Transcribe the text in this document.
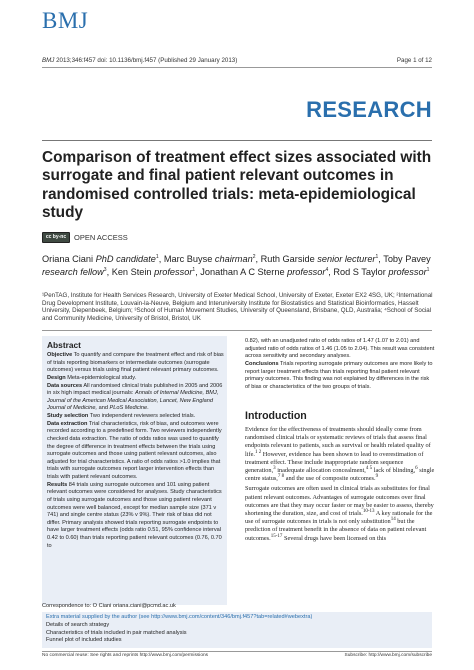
BMJ
BMJ 2013;346:f457 doi: 10.1136/bmj.f457 (Published 29 January 2013)	Page 1 of 12
RESEARCH
Comparison of treatment effect sizes associated with surrogate and final patient relevant outcomes in randomised controlled trials: meta-epidemiological study
cc by-nc	OPEN ACCESS
Oriana Ciani PhD candidate$^1$, Marc Buyse chairman$^2$, Ruth Garside senior lecturer$^1$, Toby Pavey research fellow$^3$, Ken Stein professor$^1$, Jonathan A C Sterne professor$^4$, Rod S Taylor professor$^1$
¹PenTAG, Institute for Health Services Research, University of Exeter Medical School, University of Exeter, Exeter EX2 4SG, UK; ²International Drug Development Institute, Louvain-la-Neuve, Belgium and Interuniversity Institute for Biostatistics and Statistical Bioinformatics, Hasselt University, Diepenbeek, Belgium; ³School of Human Movement Studies, University of Queensland, Brisbane, QLD, Australia; ⁴School of Social and Community Medicine, University of Bristol, Bristol, UK
Abstract
Objective To quantify and compare the treatment effect and risk of bias of trials reporting biomarkers or intermediate outcomes (surrogate outcomes) versus trials using final patient relevant primary outcomes.
Design Meta-epidemiological study.
Data sources All randomised clinical trials published in 2005 and 2006 in six high impact medical journals: Annals of Internal Medicine, BMJ, Journal of the American Medical Association, Lancet, New England Journal of Medicine, and PLoS Medicine.
Study selection Two independent reviewers selected trials.
Data extraction Trial characteristics, risk of bias, and outcomes were recorded according to a predefined form. Two reviewers independently checked data extraction. The ratio of odds ratios was used to quantify the degree of difference in treatment effects between the trials using surrogate outcomes and those using patient relevant outcomes, also adjusted for trial characteristics. A ratio of odds ratios >1.0 implies that trials with surrogate outcomes report larger intervention effects than trials with patient relevant outcomes.
Results 84 trials using surrogate outcomes and 101 using patient relevant outcomes were considered for analyses. Study characteristics of trials using surrogate outcomes and those using patient relevant outcomes were well balanced, except for median sample size (371 v 741) and single centre status (23% v 9%). Their risk of bias did not differ. Primary analysis showed trials reporting surrogate endpoints to have larger treatment effects (odds ratio 0.51, 95% confidence interval 0.42 to 0.60) than trials reporting patient relevant outcomes (0.76, 0.70 to
0.82), with an unadjusted ratio of odds ratios of 1.47 (1.07 to 2.01) and adjusted ratio of odds ratios of 1.46 (1.05 to 2.04). This result was consistent across sensitivity and secondary analyses.
Conclusions Trials reporting surrogate primary outcomes are more likely to report larger treatment effects than trials reporting final patient relevant primary outcomes. This finding was not explained by differences in the risk of bias or characteristics of the two groups of trials.
Introduction

Evidence for the effectiveness of treatments should ideally come from randomised clinical trials or systematic reviews of trials that assess final endpoints relevant to patients, such as survival or health related quality of life.$^{1 2}$ However, evidence has been shown to lead to overestimation of treatment effect. These include inappropriate random sequence generation,$^3$ inadequate allocation concealment,$^{4 5}$ lack of blinding,$^6$ single centre status,$^{7 8}$ and the use of composite outcomes.$^9$

Surrogate outcomes are often used in clinical trials as substitutes for final patient relevant outcomes. Advantages of surrogate outcomes over final outcomes are that they may occur faster or may be easier to assess, thereby shortening the duration, size, and cost of trials.$^{10-13}$ A key rationale for the use of surrogate outcomes in trials is not only substitution$^{14}$ but the prediction of treatment benefit in the absence of data on patient relevant outcomes.$^{15-17}$ Several drugs have been licensed on this

Correspondence to: O Ciani oriana.ciani@pcmd.ac.uk
Extra material supplied by the author (see http://www.bmj.com/content/346/bmj.f457?tab=related#webextra)
Details of search strategy
Characteristics of trials included in pair matched analysis
Funnel plot of included studies
No commercial reuse: See rights and reprints http://www.bmj.com/permissions	Subscribe: http://www.bmj.com/subscribe
